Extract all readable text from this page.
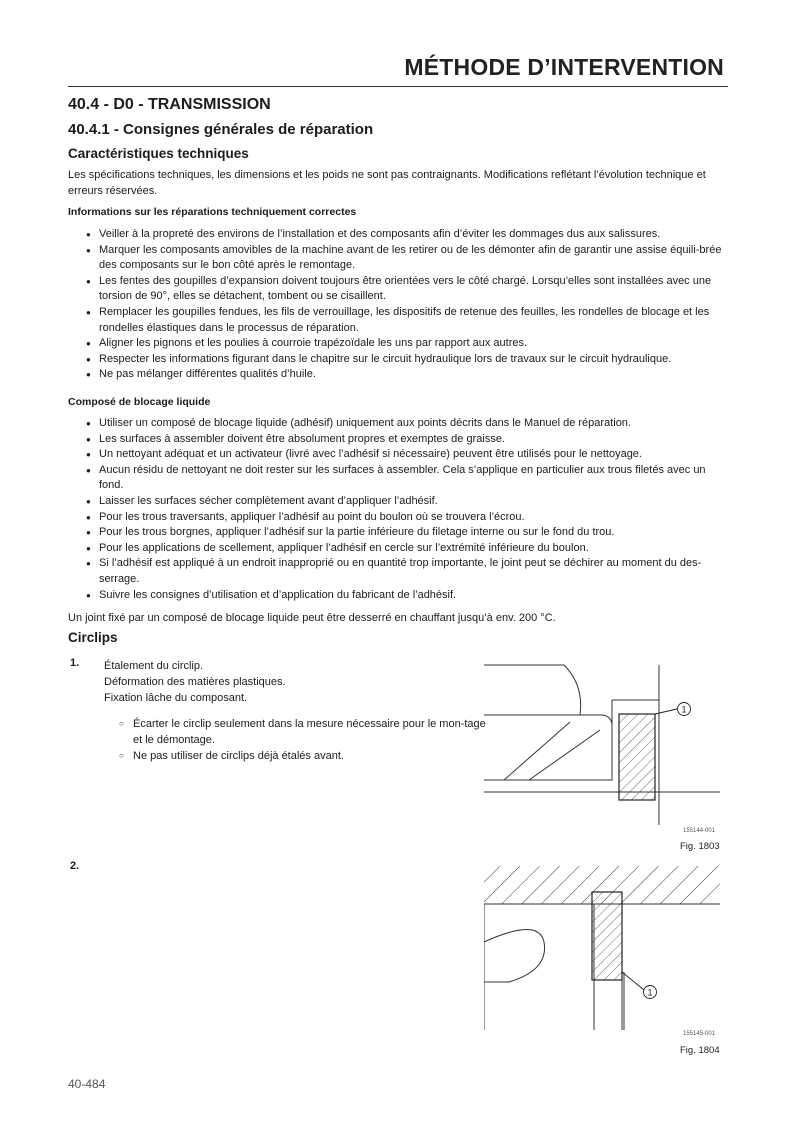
MÉTHODE D’INTERVENTION
40.4 - D0 - TRANSMISSION
40.4.1 - Consignes générales de réparation
Caractéristiques techniques
Les spécifications techniques, les dimensions et les poids ne sont pas contraignants. Modifications reflétant l’évolution technique et erreurs réservées.
Informations sur les réparations techniquement correctes
● Veiller à la propreté des environs de l’installation et des composants afin d’éviter les dommages dus aux salissures.
● Marquer les composants amovibles de la machine avant de les retirer ou de les démonter afin de garantir une assise équili-brée des composants sur le bon côté après le remontage.
● Les fentes des goupilles d’expansion doivent toujours être orientées vers le côté chargé. Lorsqu’elles sont installées avec une torsion de 90°, elles se détachent, tombent ou se cisaillent.
● Remplacer les goupilles fendues, les fils de verrouillage, les dispositifs de retenue des feuilles, les rondelles de blocage et les rondelles élastiques dans le processus de réparation.
● Aligner les pignons et les poulies à courroie trapézoïdale les uns par rapport aux autres.
● Respecter les informations figurant dans le chapitre sur le circuit hydraulique lors de travaux sur le circuit hydraulique.
● Ne pas mélanger différentes qualités d’huile.
Composé de blocage liquide
● Utiliser un composé de blocage liquide (adhésif) uniquement aux points décrits dans le Manuel de réparation.
● Les surfaces à assembler doivent être absolument propres et exemptes de graisse.
● Un nettoyant adéquat et un activateur (livré avec l’adhésif si nécessaire) peuvent être utilisés pour le nettoyage.
● Aucun résidu de nettoyant ne doit rester sur les surfaces à assembler. Cela s’applique en particulier aux trous filetés avec un fond.
● Laisser les surfaces sécher complètement avant d’appliquer l’adhésif.
● Pour les trous traversants, appliquer l’adhésif au point du boulon où se trouvera l’écrou.
● Pour les trous borgnes, appliquer l’adhésif sur la partie inférieure du filetage interne ou sur le fond du trou.
● Pour les applications de scellement, appliquer l’adhésif en cercle sur l’extrémité inférieure du boulon.
● Si l’adhésif est appliqué à un endroit inapproprié ou en quantité trop importante, le joint peut se déchirer au moment du des-serrage.
● Suivre les consignes d’utilisation et d’application du fabricant de l’adhésif.
Un joint fixé par un composé de blocage liquide peut être desserré en chauffant jusqu’à env. 200 °C.
Circlips
1. Étalement du circlip.
Déformation des matières plastiques.
Fixation lâche du composant.
○ Écarter le circlip seulement dans la mesure nécessaire pour le mon-tage et le démontage.
○ Ne pas utiliser de circlips déjà étalés avant.
1
155144-001
Fig. 1803
2.
1
155145-001
Fig. 1804
40-484
